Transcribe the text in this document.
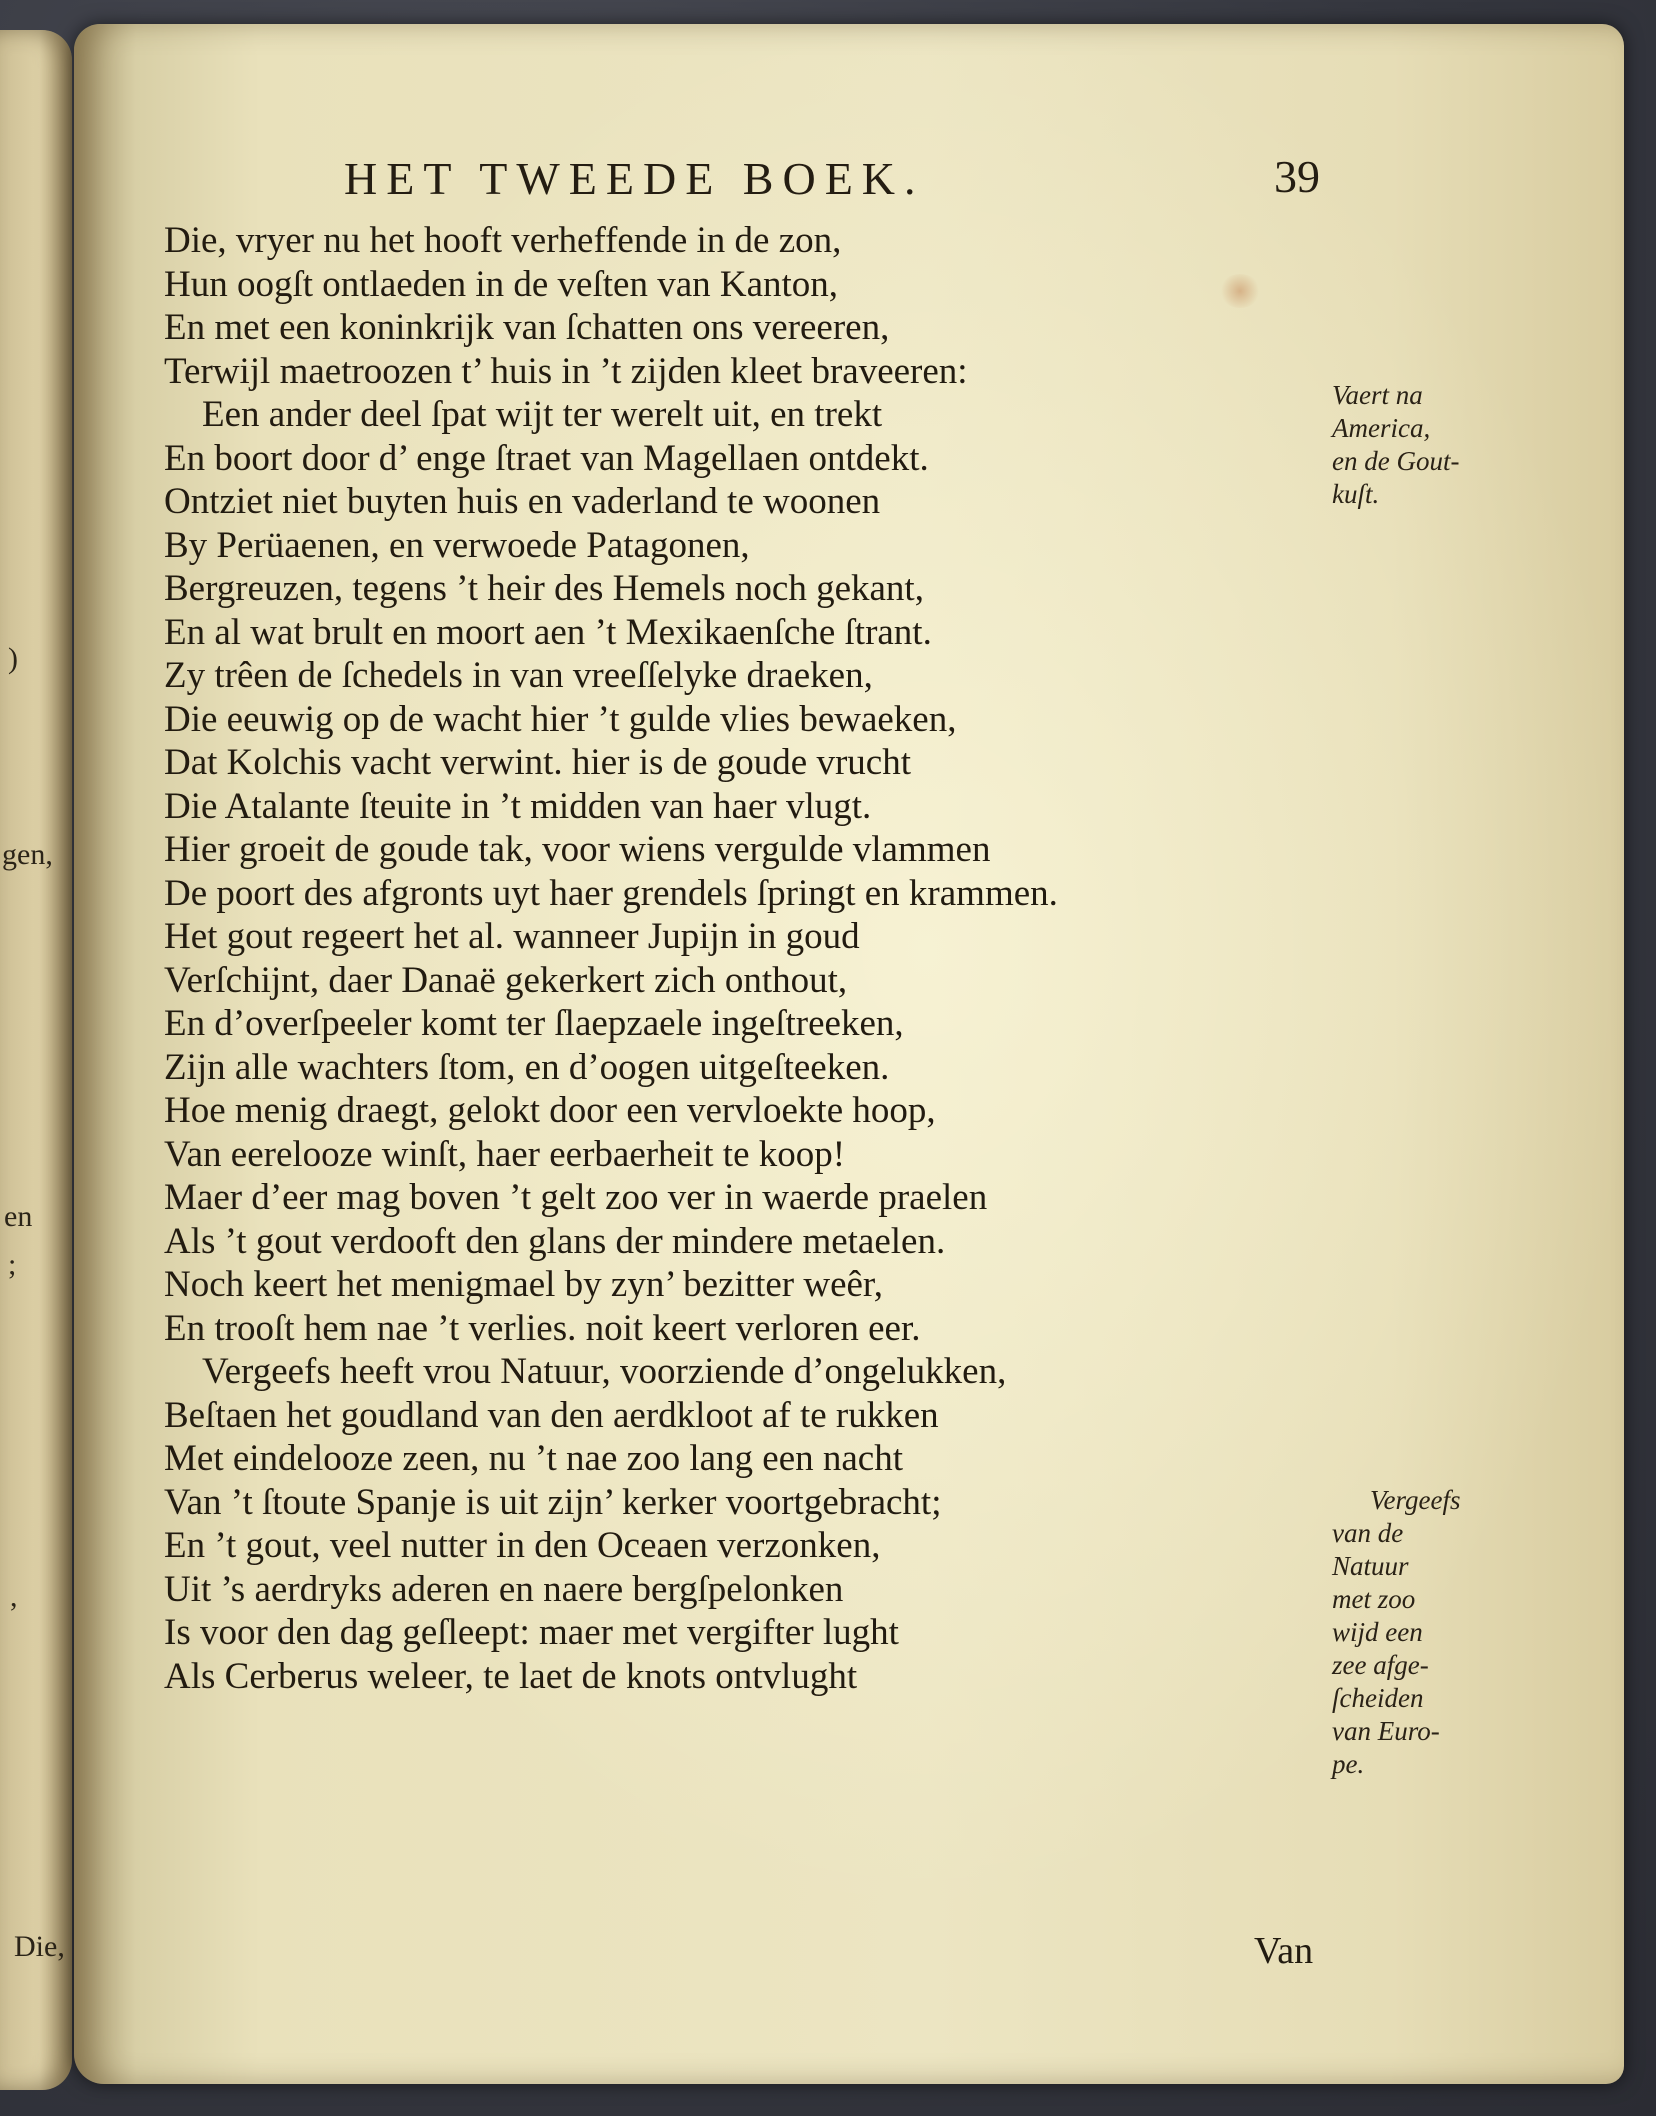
)
gen,
en
;
,
Die,
HET TWEEDE BOEK.	39
Die, vryer nu het hooft verheffende in de zon,
Hun oogſt ontlaeden in de veſten van Kanton,
En met een koninkrijk van ſchatten ons vereeren,
Terwijl maetroozen t’ huis in ’t zijden kleet braveeren:
Een ander deel ſpat wijt ter werelt uit, en trekt
En boort door d’ enge ſtraet van Magellaen ontdekt.
Ontziet niet buyten huis en vaderland te woonen
By Perüaenen, en verwoede Patagonen,
Bergreuzen, tegens ’t heir des Hemels noch gekant,
En al wat brult en moort aen ’t Mexikaenſche ſtrant.
Zy trêen de ſchedels in van vreeſſelyke draeken,
Die eeuwig op de wacht hier ’t gulde vlies bewaeken,
Dat Kolchis vacht verwint. hier is de goude vrucht
Die Atalante ſteuite in ’t midden van haer vlugt.
Hier groeit de goude tak, voor wiens vergulde vlammen
De poort des afgronts uyt haer grendels ſpringt en krammen.
Het gout regeert het al. wanneer Jupijn in goud
Verſchijnt, daer Danaë gekerkert zich onthout,
En d’overſpeeler komt ter ſlaepzaele ingeſtreeken,
Zijn alle wachters ſtom, en d’oogen uitgeſteeken.
Hoe menig draegt, gelokt door een vervloekte hoop,
Van eerelooze winſt, haer eerbaerheit te koop!
Maer d’eer mag boven ’t gelt zoo ver in waerde praelen
Als ’t gout verdooft den glans der mindere metaelen.
Noch keert het menigmael by zyn’ bezitter weêr,
En trooſt hem nae ’t verlies. noit keert verloren eer.
Vergeefs heeft vrou Natuur, voorziende d’ongelukken,
Beſtaen het goudland van den aerdkloot af te rukken
Met eindelooze zeen, nu ’t nae zoo lang een nacht
Van ’t ſtoute Spanje is uit zijn’ kerker voortgebracht;
En ’t gout, veel nutter in den Oceaen verzonken,
Uit ’s aerdryks aderen en naere bergſpelonken
Is voor den dag geſleept: maer met vergifter lught
Als Cerberus weleer, te laet de knots ontvlught
Vaert na
America,
en de Gout-
kuſt.
Vergeefs
van de
Natuur
met zoo
wijd een
zee afge-
ſcheiden
van Euro-
pe.
Van
